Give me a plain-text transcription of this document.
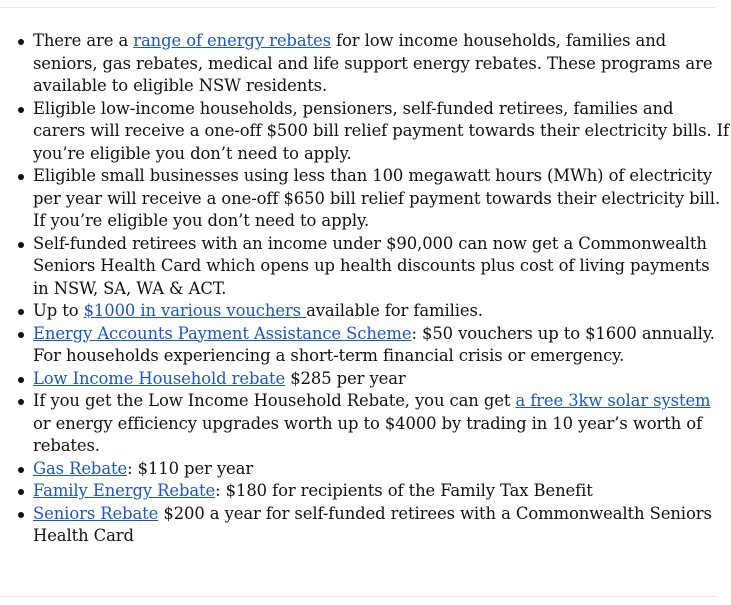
There are a range of energy rebates for low income households, families and seniors, gas rebates, medical and life support energy rebates. These programs are available to eligible NSW residents.
Eligible low-income households, pensioners, self-funded retirees, families and carers will receive a one-off $500 bill relief payment towards their electricity bills. If you’re eligible you don’t need to apply.
Eligible small businesses using less than 100 megawatt hours (MWh) of electricity per year will receive a one-off $650 bill relief payment towards their electricity bill. If you’re eligible you don’t need to apply.
Self-funded retirees with an income under $90,000 can now get a Commonwealth Seniors Health Card which opens up health discounts plus cost of living payments in NSW, SA, WA & ACT.
Up to $1000 in various vouchers available for families.
Energy Accounts Payment Assistance Scheme: $50 vouchers up to $1600 annually. For households experiencing a short-term financial crisis or emergency.
Low Income Household rebate $285 per year
If you get the Low Income Household Rebate, you can get a free 3kw solar system or energy efficiency upgrades worth up to $4000 by trading in 10 year’s worth of rebates.
Gas Rebate: $110 per year
Family Energy Rebate: $180 for recipients of the Family Tax Benefit
Seniors Rebate $200 a year for self-funded retirees with a Commonwealth Seniors Health Card
